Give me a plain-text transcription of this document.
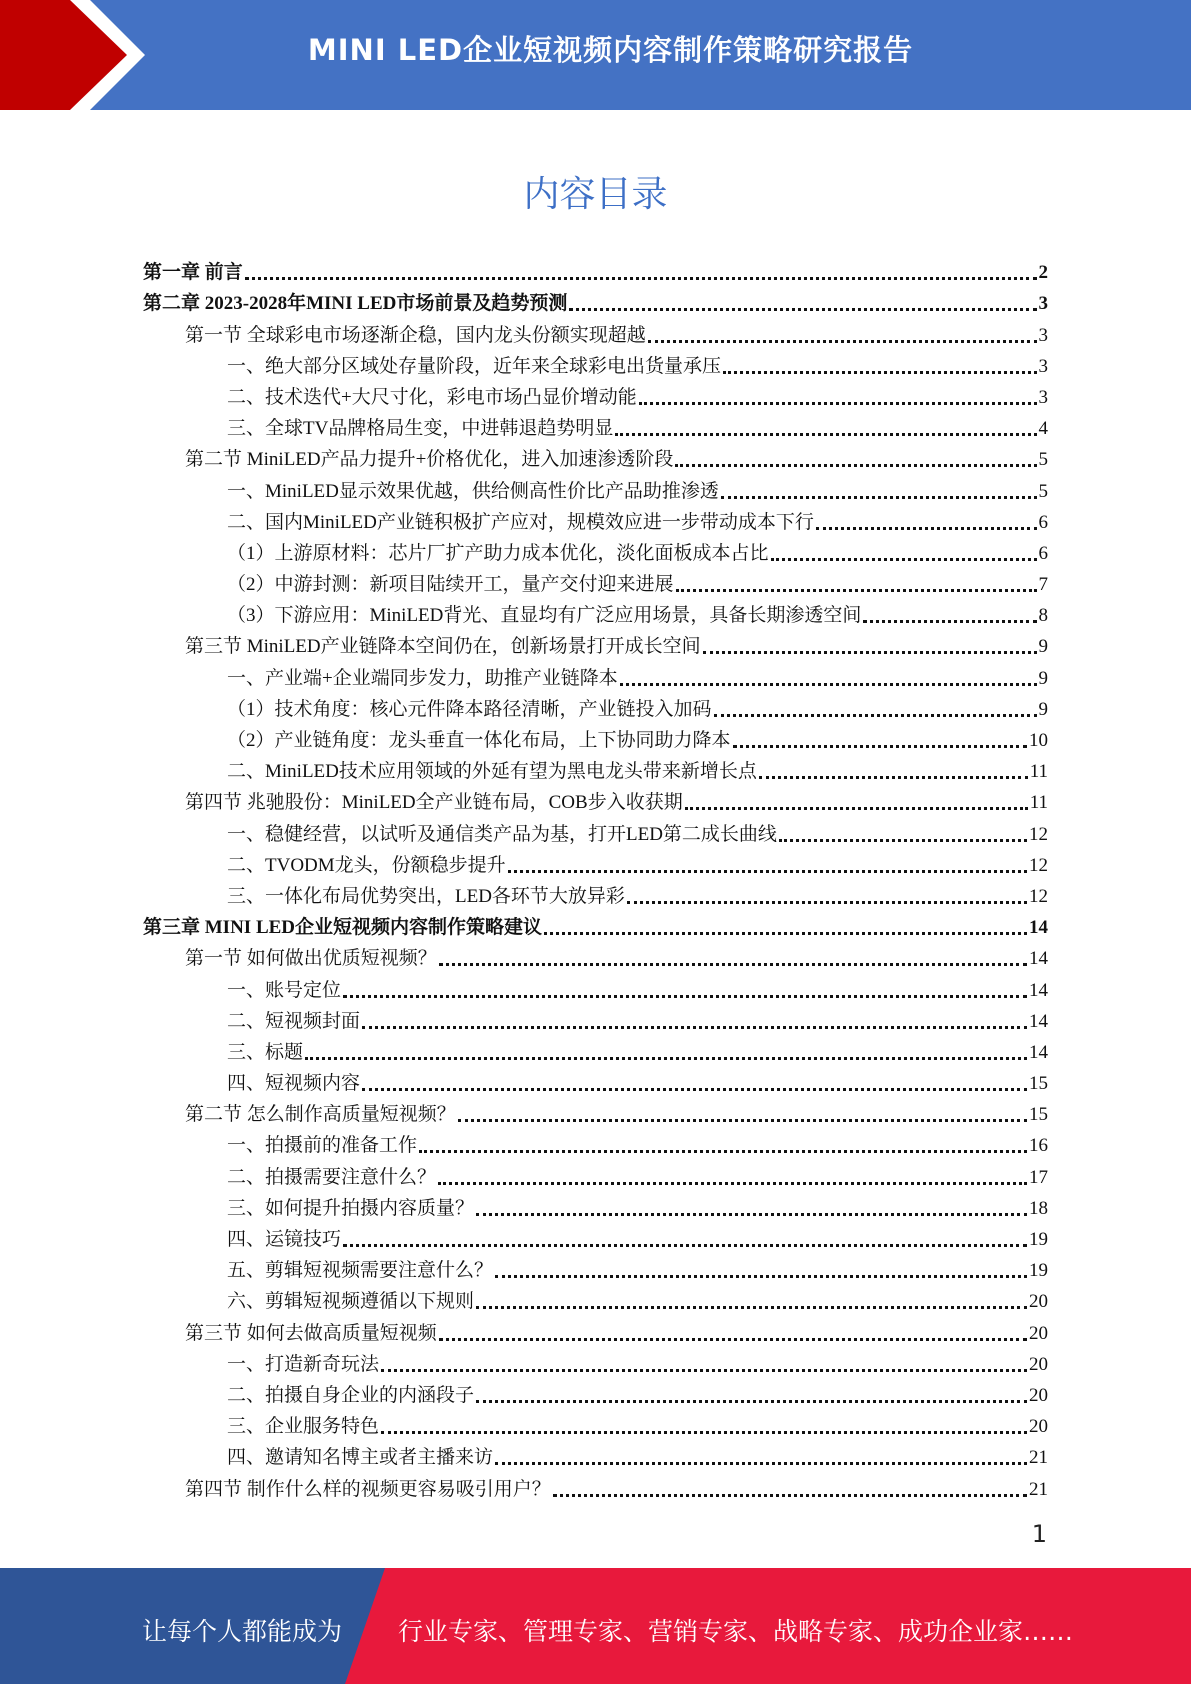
MINI LED企业短视频内容制作策略研究报告
内容目录
第一章 前言	2
第二章 2023-2028年MINI LED市场前景及趋势预测	3
第一节 全球彩电市场逐渐企稳，国内龙头份额实现超越	3
一、绝大部分区域处存量阶段，近年来全球彩电出货量承压	3
二、技术迭代+大尺寸化，彩电市场凸显价增动能	3
三、全球TV品牌格局生变，中进韩退趋势明显	4
第二节 MiniLED产品力提升+价格优化，进入加速渗透阶段	5
一、MiniLED显示效果优越，供给侧高性价比产品助推渗透	5
二、国内MiniLED产业链积极扩产应对，规模效应进一步带动成本下行	6
（1）上游原材料：芯片厂扩产助力成本优化，淡化面板成本占比	6
（2）中游封测：新项目陆续开工，量产交付迎来进展	7
（3）下游应用：MiniLED背光、直显均有广泛应用场景，具备长期渗透空间	8
第三节 MiniLED产业链降本空间仍在，创新场景打开成长空间	9
一、产业端+企业端同步发力，助推产业链降本	9
（1）技术角度：核心元件降本路径清晰，产业链投入加码	9
（2）产业链角度：龙头垂直一体化布局，上下协同助力降本	10
二、MiniLED技术应用领域的外延有望为黑电龙头带来新增长点	11
第四节 兆驰股份：MiniLED全产业链布局，COB步入收获期	11
一、稳健经营，以试听及通信类产品为基，打开LED第二成长曲线	12
二、TVODM龙头，份额稳步提升	12
三、一体化布局优势突出，LED各环节大放异彩	12
第三章 MINI LED企业短视频内容制作策略建议	14
第一节 如何做出优质短视频？	14
一、账号定位	14
二、短视频封面	14
三、标题	14
四、短视频内容	15
第二节 怎么制作高质量短视频？	15
一、拍摄前的准备工作	16
二、拍摄需要注意什么？	17
三、如何提升拍摄内容质量？	18
四、运镜技巧	19
五、剪辑短视频需要注意什么？	19
六、剪辑短视频遵循以下规则	20
第三节 如何去做高质量短视频	20
一、打造新奇玩法	20
二、拍摄自身企业的内涵段子	20
三、企业服务特色	20
四、邀请知名博主或者主播来访	21
第四节 制作什么样的视频更容易吸引用户？	21
1
让每个人都能成为 行业专家、管理专家、营销专家、战略专家、成功企业家……
